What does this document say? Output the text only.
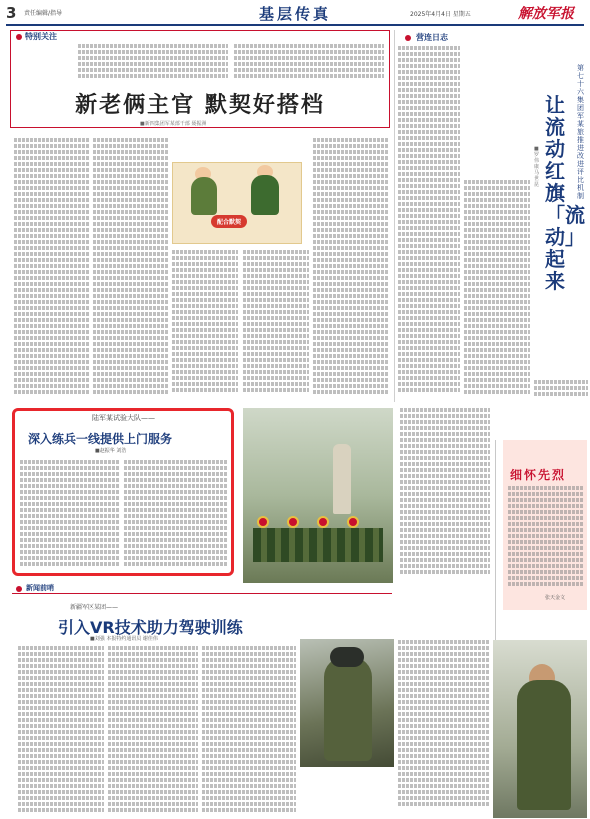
3 责任编辑/指导	基层传真	2025年4月4日 星期五	解放军报
特别关注
新老俩主官 默契好搭档
■新四集团军某部干部 聂振洲
配合默契
营连日志
第七十六集团军某旅推进改进评比机制
让流动红旗「流动」起来
■罗伟康 马世昆
陆军某试验大队——
深入练兵一线提供上门服务
■赵振华 刘浩
细怀先烈
张天金文
新闻前哨
新疆军区某团——
引入VR技术助力驾驶训练
■刘强 本报特约通讯员 谢佳伟
